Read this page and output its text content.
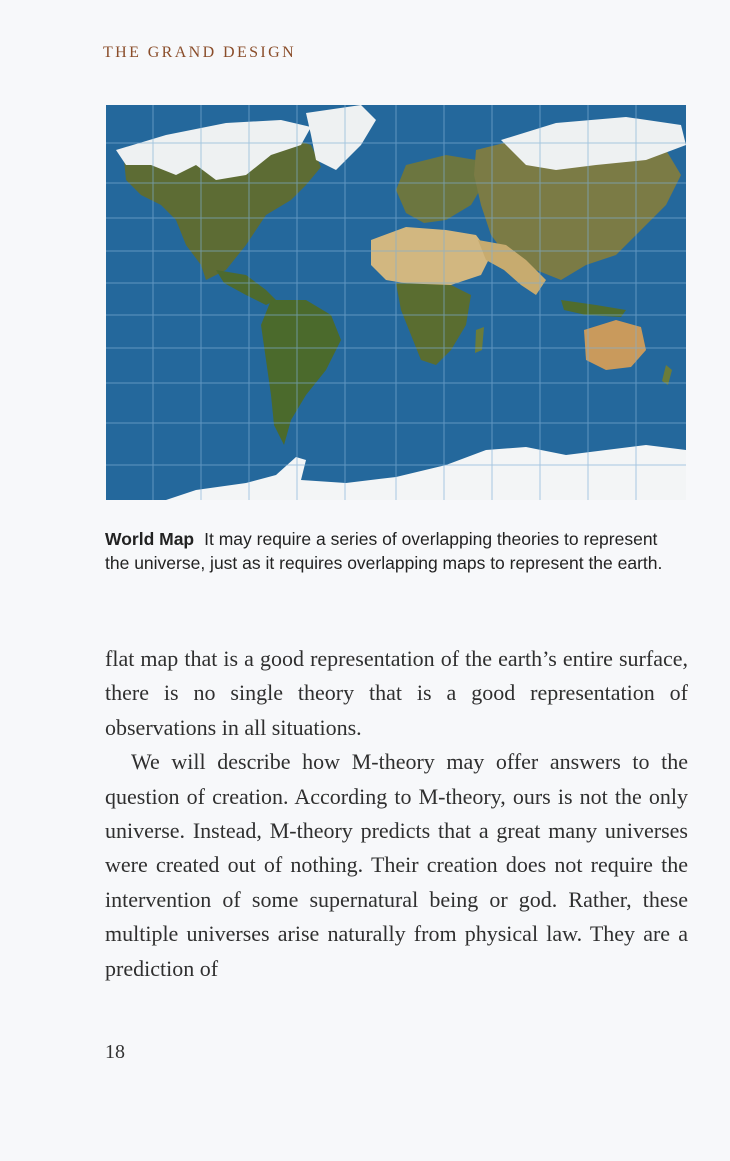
THE GRAND DESIGN
World Map It may require a series of overlapping theories to represent the universe, just as it requires overlapping maps to represent the earth.

flat map that is a good representation of the earth’s entire surface, there is no single theory that is a good representation of observations in all situations.

We will describe how M-theory may offer answers to the question of creation. According to M-theory, ours is not the only universe. Instead, M-theory predicts that a great many universes were created out of nothing. Their creation does not require the intervention of some supernatural being or god. Rather, these multiple universes arise naturally from physical law. They are a prediction of

18
